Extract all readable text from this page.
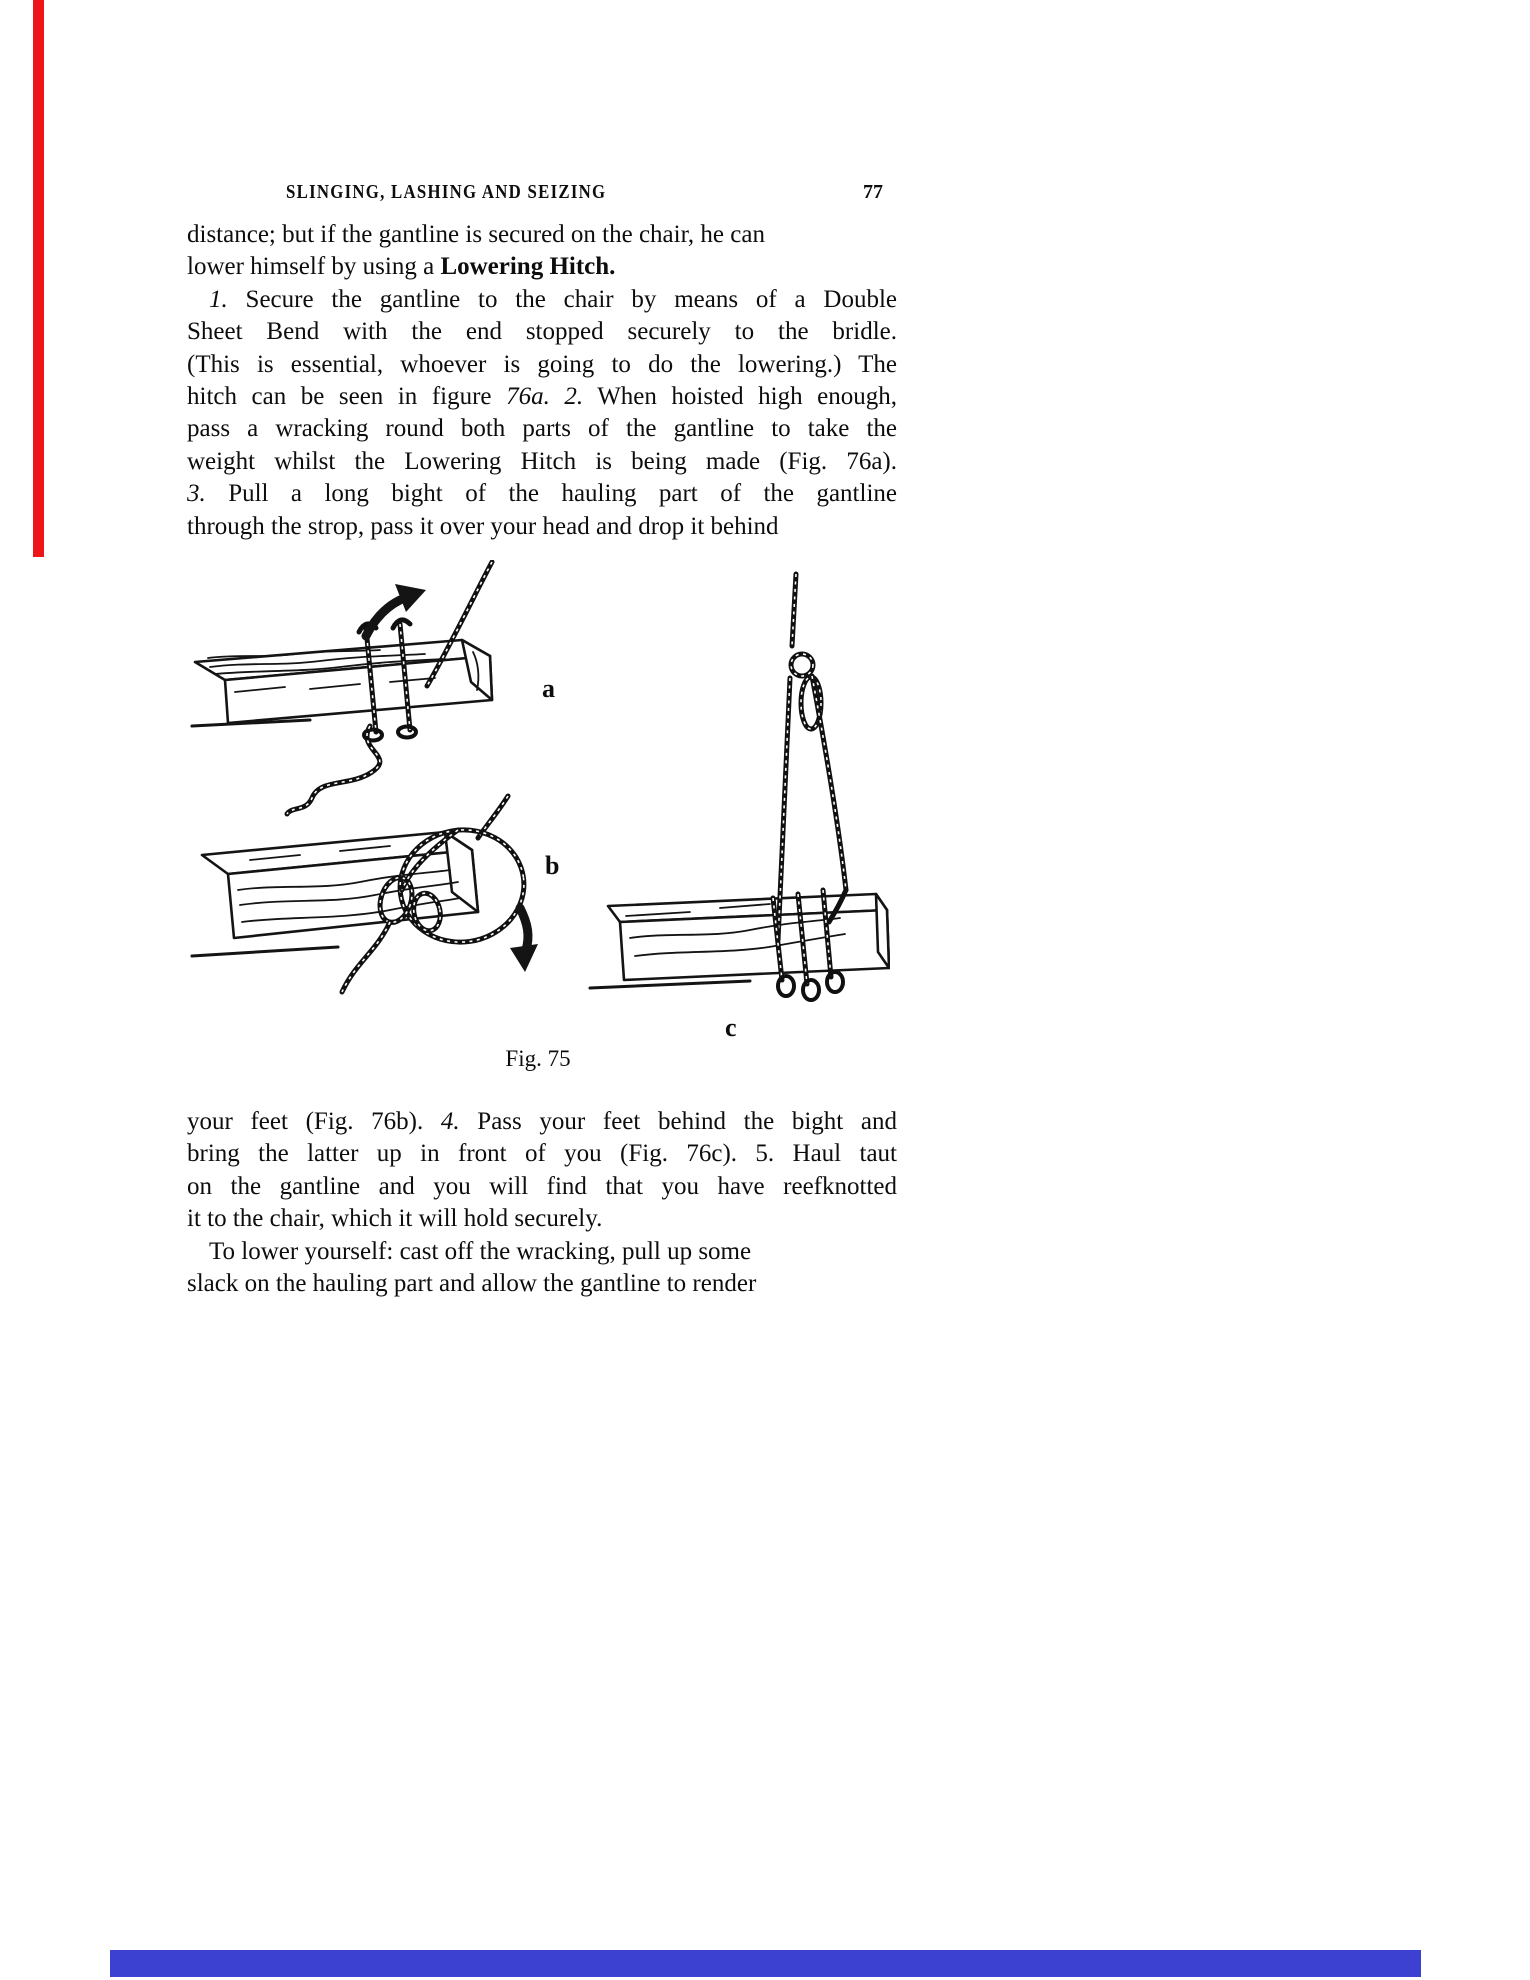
SLINGING, LASHING AND SEIZING	77
distance; but if the gantline is secured on the chair, he can
lower himself by using a Lowering Hitch.
1. Secure the gantline to the chair by means of a Double
Sheet Bend with the end stopped securely to the bridle.
(This is essential, whoever is going to do the lowering.) The
hitch can be seen in figure 76a. 2. When hoisted high enough,
pass a wracking round both parts of the gantline to take the
weight whilst the Lowering Hitch is being made (Fig. 76a).
3. Pull a long bight of the hauling part of the gantline
through the strop, pass it over your head and drop it behind
a
b
c
Fig. 75
your feet (Fig. 76b). 4. Pass your feet behind the bight and
bring the latter up in front of you (Fig. 76c). 5. Haul taut
on the gantline and you will find that you have reefknotted
it to the chair, which it will hold securely.
To lower yourself: cast off the wracking, pull up some
slack on the hauling part and allow the gantline to render
